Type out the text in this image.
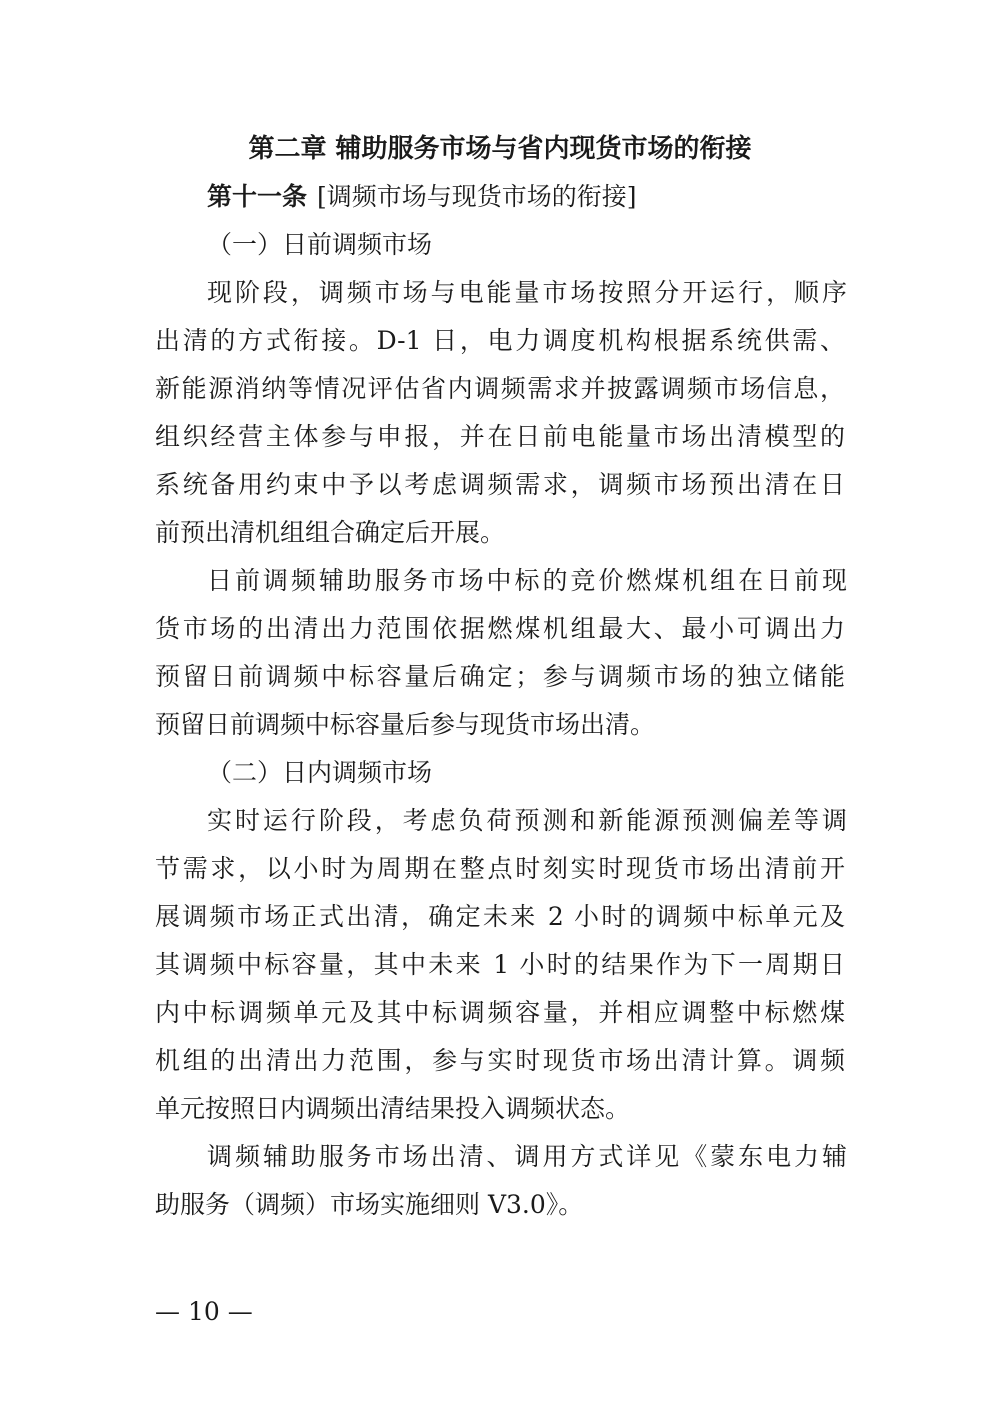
第二章 辅助服务市场与省内现货市场的衔接
第十一条 [调频市场与现货市场的衔接]
（一）日前调频市场
现阶段，调频市场与电能量市场按照分开运行，顺序
出清的方式衔接。D-1 日，电力调度机构根据系统供需、
新能源消纳等情况评估省内调频需求并披露调频市场信息，
组织经营主体参与申报，并在日前电能量市场出清模型的
系统备用约束中予以考虑调频需求，调频市场预出清在日
前预出清机组组合确定后开展。
日前调频辅助服务市场中标的竞价燃煤机组在日前现
货市场的出清出力范围依据燃煤机组最大、最小可调出力
预留日前调频中标容量后确定；参与调频市场的独立储能
预留日前调频中标容量后参与现货市场出清。
（二）日内调频市场
实时运行阶段，考虑负荷预测和新能源预测偏差等调
节需求，以小时为周期在整点时刻实时现货市场出清前开
展调频市场正式出清，确定未来 2 小时的调频中标单元及
其调频中标容量，其中未来 1 小时的结果作为下一周期日
内中标调频单元及其中标调频容量，并相应调整中标燃煤
机组的出清出力范围，参与实时现货市场出清计算。调频
单元按照日内调频出清结果投入调频状态。
调频辅助服务市场出清、调用方式详见《蒙东电力辅
助服务（调频）市场实施细则 V3.0》。
— 10 —
